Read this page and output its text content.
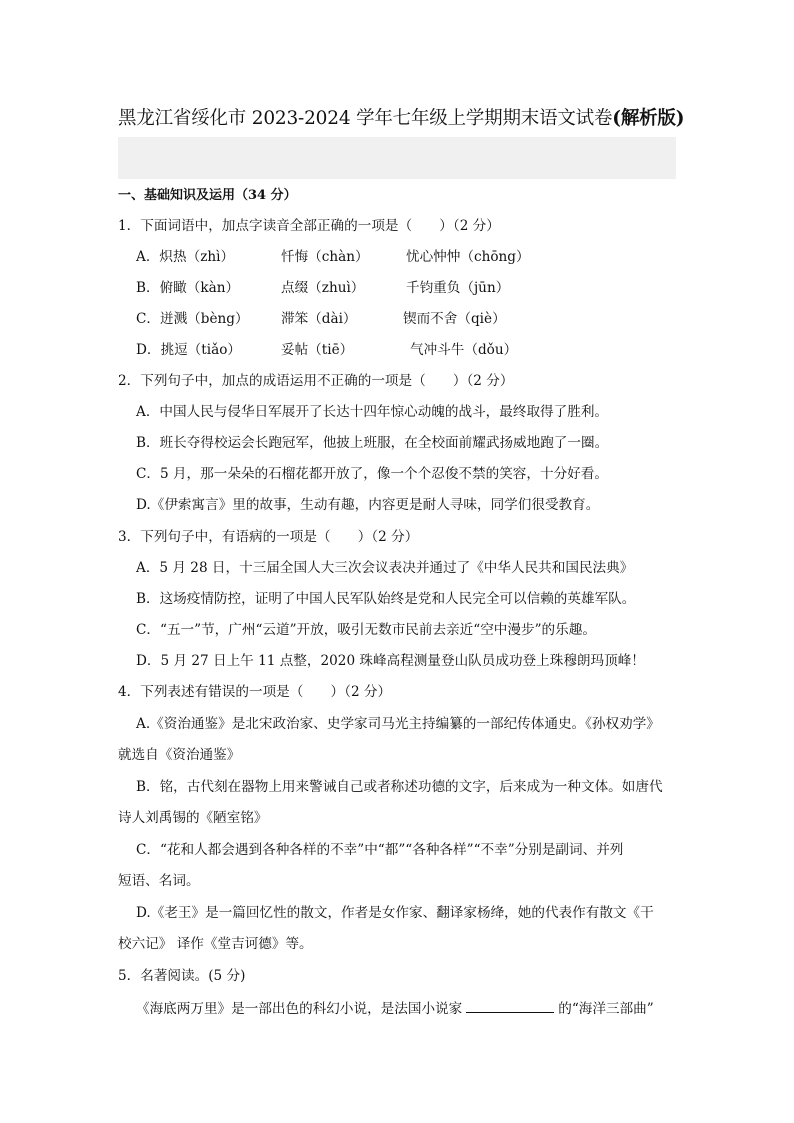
黑龙江省绥化市 2023-2024 学年七年级上学期期末语文试卷(解析版)
一、基础知识及运用（34 分）
1．下面词语中，加点字读音全部正确的一项是（　　）（2 分）
A．炽热（zhì）	忏悔（chàn）	忧心忡忡（chōng）
B．俯瞰（kàn）	点缀（zhuì）	千钧重负（jūn）
C．迸溅（bèng） 滞笨（dài）	锲而不舍（qiè）
D．挑逗（tiǎo）	妥帖（tiē）	气冲斗牛（dǒu）
2．下列句子中，加点的成语运用不正确的一项是（　　）（2 分）
A．中国人民与侵华日军展开了长达十四年惊心动魄的战斗，最终取得了胜利。
B．班长夺得校运会长跑冠军，他披上班服，在全校面前耀武扬威地跑了一圈。
C．5 月，那一朵朵的石榴花都开放了，像一个个忍俊不禁的笑容，十分好看。
D.《伊索寓言》里的故事，生动有趣，内容更是耐人寻味，同学们很受教育。
3．下列句子中，有语病的一项是（　　）（2 分）
A．5 月 28 日，十三届全国人大三次会议表决并通过了《中华人民共和国民法典》
B．这场疫情防控，证明了中国人民军队始终是党和人民完全可以信赖的英雄军队。
C．“五一”节，广州“云道”开放，吸引无数市民前去亲近“空中漫步”的乐趣。
D．5 月 27 日上午 11 点整，2020 珠峰高程测量登山队员成功登上珠穆朗玛顶峰！
4．下列表述有错误的一项是（　　）（2 分）
A.《资治通鉴》是北宋政治家、史学家司马光主持编纂的一部纪传体通史。《孙权劝学》
就选自《资治通鉴》
B．铭，古代刻在器物上用来警诫自己或者称述功德的文字，后来成为一种文体。如唐代
诗人刘禹锡的《陋室铭》
C．“花和人都会遇到各种各样的不幸”中“都”“各种各样”“不幸”分别是副词、并列
短语、名词。
D.《老王》是一篇回忆性的散文，作者是女作家、翻译家杨绛，她的代表作有散文《干
校六记》 译作《堂吉诃德》等。
5．名著阅读。(5 分)
《海底两万里》是一部出色的科幻小说，是法国小说家	的“海洋三部曲”
